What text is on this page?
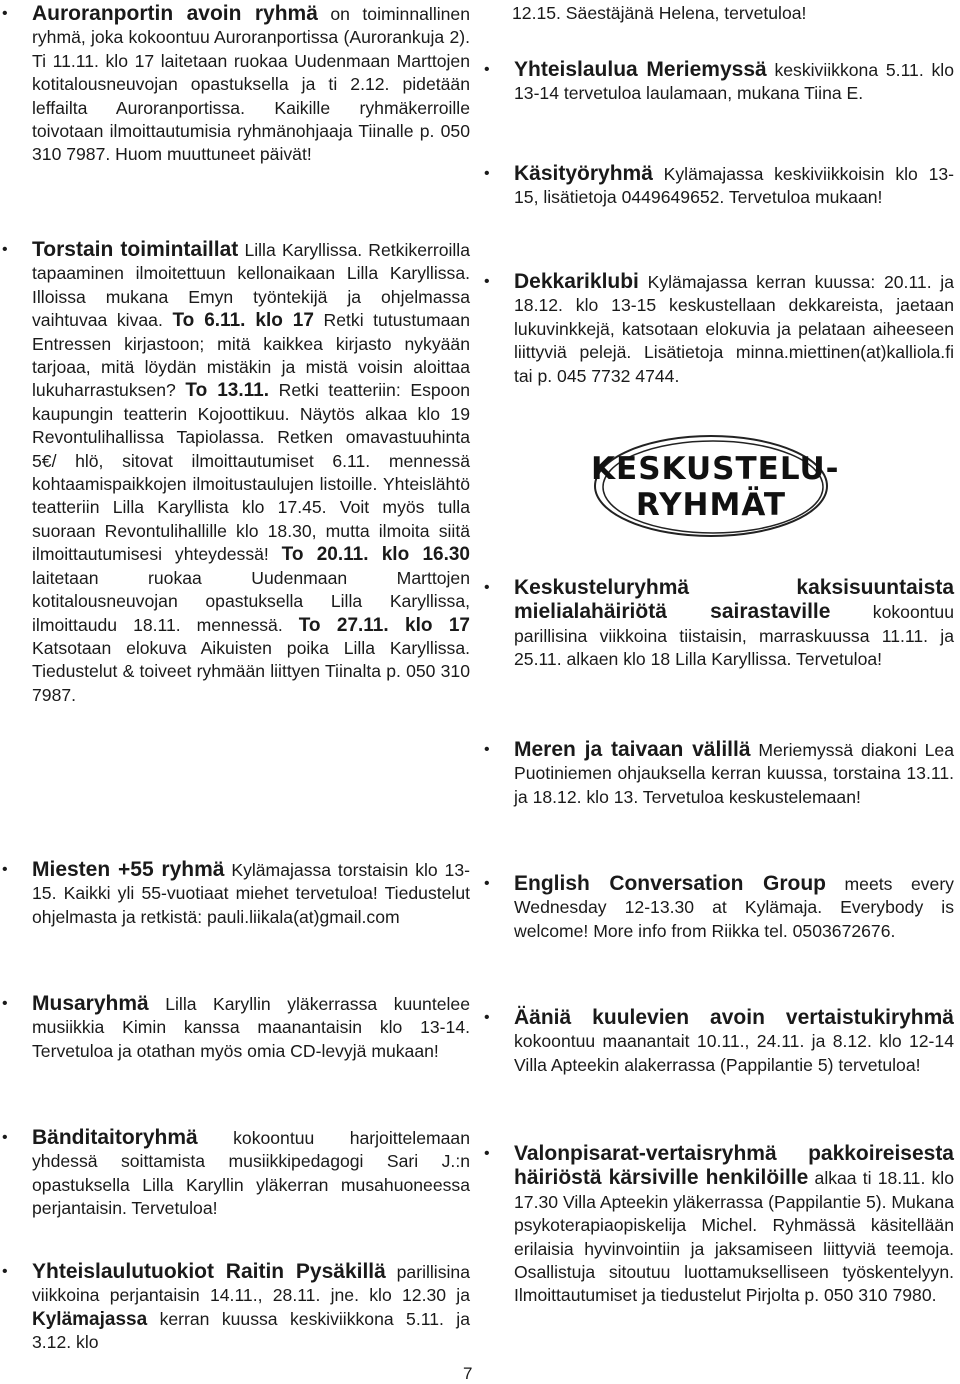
• Auroranportin avoin ryhmä on toiminnallinen ryhmä, joka kokoontuu Auroranportissa (Aurorankuja 2). Ti 11.11. klo 17 laitetaan ruokaa Uudenmaan Marttojen kotitalousneuvojan opastuksella ja ti 2.12. pidetään leffailta Auroranportissa. Kaikille ryhmäkerroille toivotaan ilmoittautumisia ryhmänohjaaja Tiinalle p. 050 310 7987. Huom muuttuneet päivät!

• Torstain toimintaillat Lilla Karyllissa. Retkikerroilla tapaaminen ilmoitettuun kellonaikaan Lilla Karyllissa. Illoissa mukana Emyn työntekijä ja ohjelmassa vaihtuvaa kivaa. To 6.11. klo 17 Retki tutustumaan Entressen kirjastoon; mitä kaikkea kirjasto nykyään tarjoaa, mitä löydän mistäkin ja mistä voisin aloittaa lukuharrastuksen? To 13.11. Retki teatteriin: Espoon kaupungin teatterin Kojoottikuu. Näytös alkaa klo 19 Revontulihallissa Tapiolassa. Retken omavastuuhinta 5€/ hlö, sitovat ilmoittautumiset 6.11. mennessä kohtaamispaikkojen ilmoitustaulujen listoille. Yhteislähtö teatteriin Lilla Karyllista klo 17.45. Voit myös tulla suoraan Revontulihallille klo 18.30, mutta ilmoita siitä ilmoittautumisesi yhteydessä! To 20.11. klo 16.30 laitetaan ruokaa Uudenmaan Marttojen kotitalousneuvojan opastuksella Lilla Karyllissa, ilmoittaudu 18.11. mennessä. To 27.11. klo 17 Katsotaan elokuva Aikuisten poika Lilla Karyllissa. Tiedustelut & toiveet ryhmään liittyen Tiinalta p. 050 310 7987.

• Miesten +55 ryhmä Kylämajassa torstaisin klo 13-15. Kaikki yli 55-vuotiaat miehet tervetuloa! Tiedustelut ohjelmasta ja retkistä: pauli.liikala(at)gmail.com

• Musaryhmä Lilla Karyllin yläkerrassa kuuntelee musiikkia Kimin kanssa maanantaisin klo 13-14. Tervetuloa ja otathan myös omia CD-levyjä mukaan!

• Bänditaitoryhmä kokoontuu harjoittelemaan yhdessä soittamista musiikkipedagogi Sari J.:n opastuksella Lilla Karyllin yläkerran musahuoneessa perjantaisin. Tervetuloa!

• Yhteislaulutuokiot Raitin Pysäkillä parillisina viikkoina perjantaisin 14.11., 28.11. jne. klo 12.30 ja Kylämajassa kerran kuussa keskiviikkona 5.11. ja 3.12. klo

7

12.15. Säestäjänä Helena, tervetuloa!

• Yhteislaulua Meriemyssä keskiviikkona 5.11. klo 13-14 tervetuloa laulamaan, mukana Tiina E.

• Käsityöryhmä Kylämajassa keskiviikkoisin klo 13-15, lisätietoja 0449649652. Tervetuloa mukaan!

• Dekkariklubi Kylämajassa kerran kuussa: 20.11. ja 18.12. klo 13-15 keskustellaan dekkareista, jaetaan lukuvinkkejä, katsotaan elokuvia ja pelataan aiheeseen liittyviä pelejä. Lisätietoja minna.miettinen(at)kalliola.fi tai p. 045 7732 4744.

KESKUSTELU-
RYHMÄT
• Keskusteluryhmä kaksisuuntaista mielialahäiriötä sairastaville kokoontuu parillisina viikkoina tiistaisin, marraskuussa 11.11. ja 25.11. alkaen klo 18 Lilla Karyllissa. Tervetuloa!

• Meren ja taivaan välillä Meriemyssä diakoni Lea Puotiniemen ohjauksella kerran kuussa, torstaina 13.11. ja 18.12. klo 13. Tervetuloa keskustelemaan!

• English Conversation Group meets every Wednesday 12-13.30 at Kylämaja. Everybody is welcome! More info from Riikka tel. 0503672676.

• Ääniä kuulevien avoin vertaistukiryhmä kokoontuu maanantait 10.11., 24.11. ja 8.12. klo 12-14 Villa Apteekin alakerrassa (Pappilantie 5) tervetuloa!

• Valonpisarat-vertaisryhmä pakkoireisesta häiriöstä kärsiville henkilöille alkaa ti 18.11. klo 17.30 Villa Apteekin yläkerrassa (Pappilantie 5). Mukana psykoterapiaopiskelija Michel. Ryhmässä käsitellään erilaisia hyvinvointiin ja jaksamiseen liittyviä teemoja. Osallistuja sitoutuu luottamukselliseen työskentelyyn. Ilmoittautumiset ja tiedustelut Pirjolta p. 050 310 7980.
